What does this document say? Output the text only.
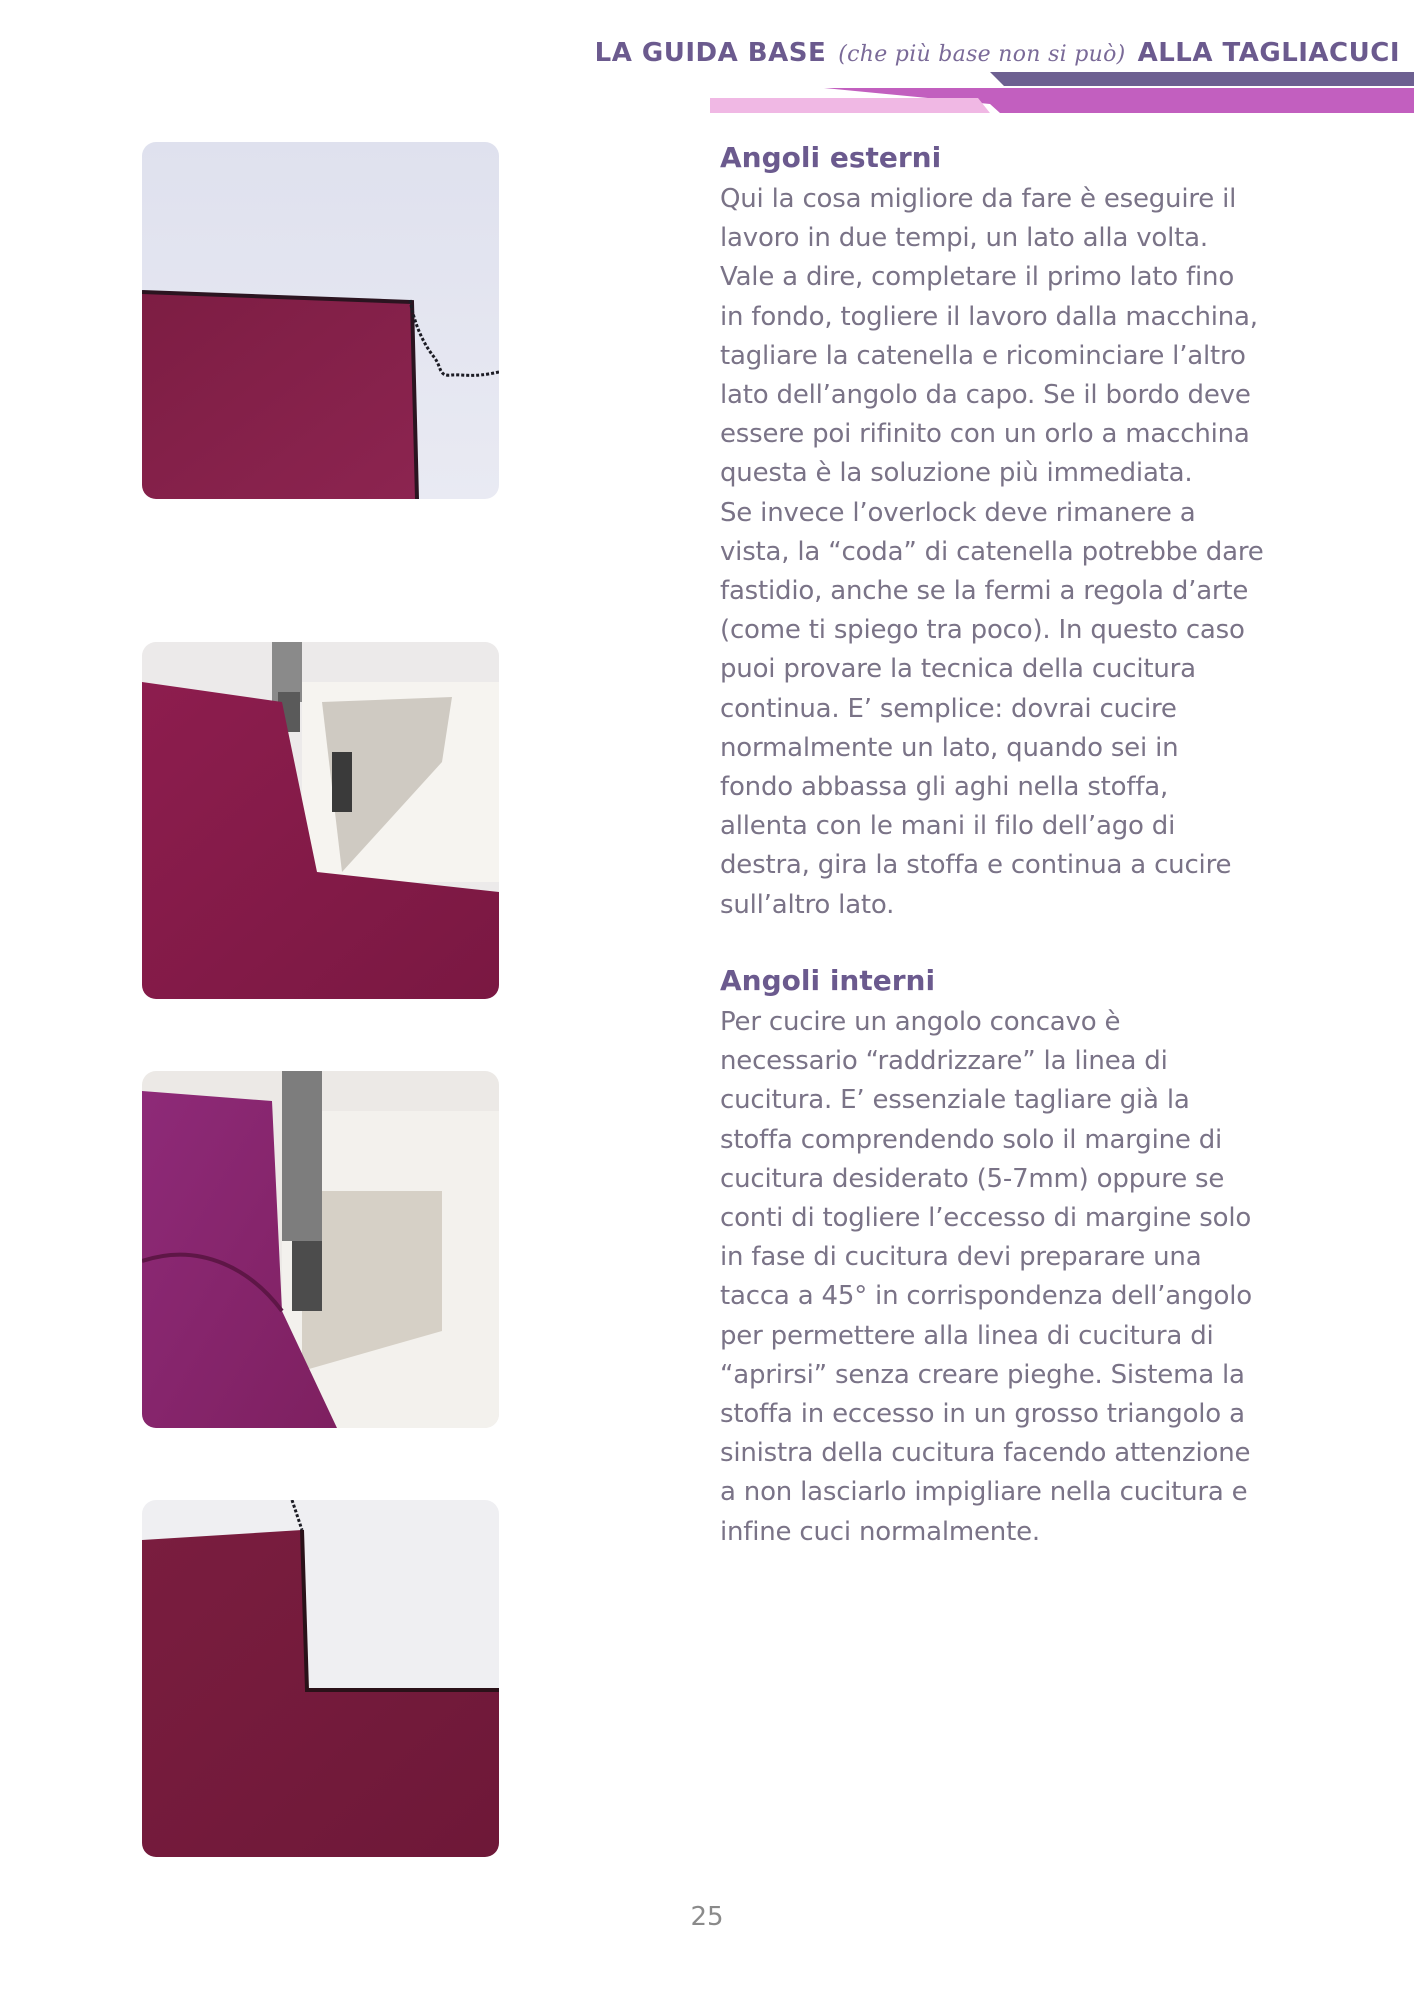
LA GUIDA BASE (che più base non si può) ALLA TAGLIACUCI
Angoli esterni

Qui la cosa migliore da fare è eseguire il
lavoro in due tempi, un lato alla volta.
Vale a dire, completare il primo lato fino
in fondo, togliere il lavoro dalla macchina,
tagliare la catenella e ricominciare l’altro
lato dell’angolo da capo. Se il bordo deve
essere poi rifinito con un orlo a macchina
questa è la soluzione più immediata.
Se invece l’overlock deve rimanere a
vista, la “coda” di catenella potrebbe dare
fastidio, anche se la fermi a regola d’arte
(come ti spiego tra poco). In questo caso
puoi provare la tecnica della cucitura
continua. E’ semplice: dovrai cucire
normalmente un lato, quando sei in
fondo abbassa gli aghi nella stoffa,
allenta con le mani il filo dell’ago di
destra, gira la stoffa e continua a cucire
sull’altro lato.

Angoli interni

Per cucire un angolo concavo è
necessario “raddrizzare” la linea di
cucitura. E’ essenziale tagliare già la
stoffa comprendendo solo il margine di
cucitura desiderato (5-7mm) oppure se
conti di togliere l’eccesso di margine solo
in fase di cucitura devi preparare una
tacca a 45° in corrispondenza dell’angolo
per permettere alla linea di cucitura di
“aprirsi” senza creare pieghe. Sistema la
stoffa in eccesso in un grosso triangolo a
sinistra della cucitura facendo attenzione
a non lasciarlo impigliare nella cucitura e
infine cuci normalmente.

25
